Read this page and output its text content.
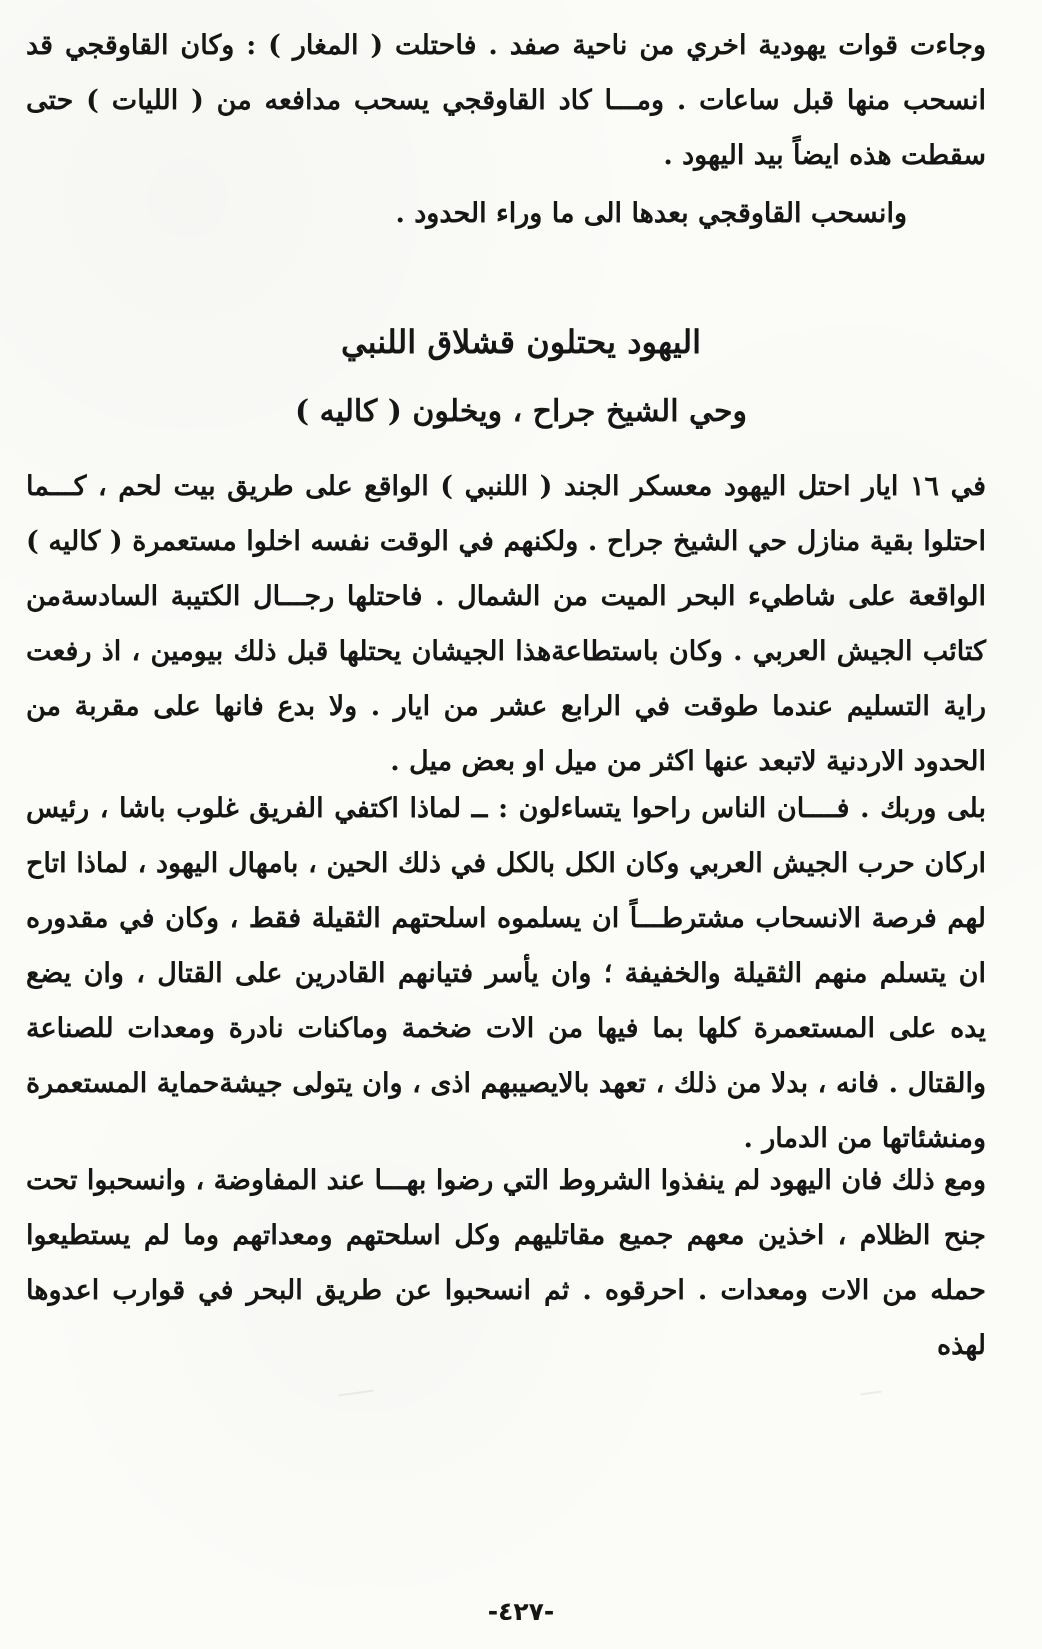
وجاءت قوات يهودية اخري من ناحية صفد . فاحتلت ( المغار ) : وكان القاوقجي قد انسحب منها قبل ساعات . ومـــا كاد القاوقجي يسحب مدافعه من ( الليات ) حتى سقطت هذه ايضاً بيد اليهود .
وانسحب القاوقجي بعدها الى ما وراء الحدود .
اليهود يحتلون قشلاق اللنبي
وحي الشيخ جراح ، ويخلون ( كاليه )
في ١٦ ايار احتل اليهود معسكر الجند ( اللنبي ) الواقع على طريق بيت لحم ، كـــما احتلوا بقية منازل حي الشيخ جراح . ولكنهم في الوقت نفسه اخلوا مستعمرة ( كاليه ) الواقعة على شاطيء البحر الميت من الشمال . فاحتلها رجـــال الكتيبة السادسةمن كتائب الجيش العربي . وكان باستطاعةهذا الجيشان يحتلها قبل ذلك بيومين ، اذ رفعت راية التسليم عندما طوقت في الرابع عشر من ايار . ولا بدع فانها على مقربة من الحدود الاردنية لاتبعد عنها اكثر من ميل او بعض ميل .
بلى وربك . فــــان الناس راحوا يتساءلون : ــ لماذا اكتفي الفريق غلوب باشا ، رئيس اركان حرب الجيش العربي وكان الكل بالكل في ذلك الحين ، بامهال اليهود ، لماذا اتاح لهم فرصة الانسحاب مشترطـــاً ان يسلموه اسلحتهم الثقيلة فقط ، وكان في مقدوره ان يتسلم منهم الثقيلة والخفيفة ؛ وان يأسر فتيانهم القادرين على القتال ، وان يضع يده على المستعمرة كلها بما فيها من الات ضخمة وماكنات نادرة ومعدات للصناعة والقتال . فانه ، بدلا من ذلك ، تعهد بالايصيبهم اذى ، وان يتولى جيشةحماية المستعمرة ومنشئاتها من الدمار .
ومع ذلك فان اليهود لم ينفذوا الشروط التي رضوا بهـــا عند المفاوضة ، وانسحبوا تحت جنح الظلام ، اخذين معهم جميع مقاتليهم وكل اسلحتهم ومعداتهم وما لم يستطيعوا حمله من الات ومعدات . احرقوه . ثم انسحبوا عن طريق البحر في قوارب اعدوها لهذه
-٤٢٧-
